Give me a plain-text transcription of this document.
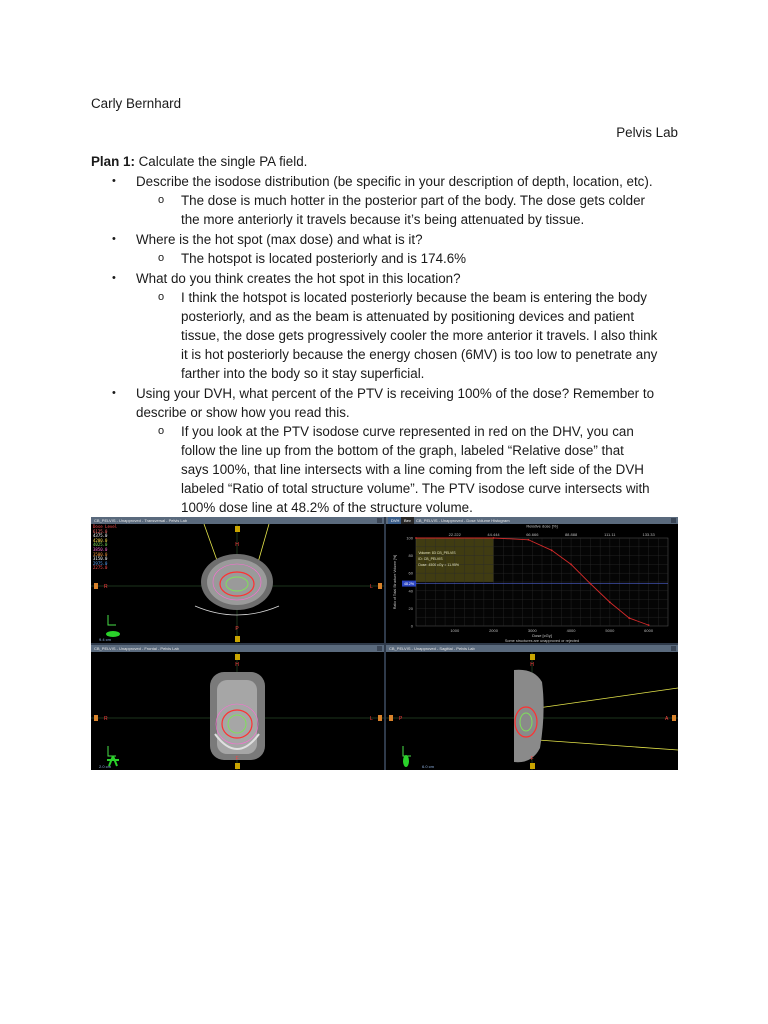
Carly Bernhard
Pelvis Lab
Plan 1: Calculate the single PA field.
• Describe the isodose distribution (be specific in your description of depth, location, etc).
o The dose is much hotter in the posterior part of the body. The dose gets colder
the more anteriorly it travels because it’s being attenuated by tissue.
• Where is the hot spot (max dose) and what is it?
o The hotspot is located posteriorly and is 174.6%
• What do you think creates the hot spot in this location?
o I think the hotspot is located posteriorly because the beam is entering the body
posteriorly, and as the beam is attenuated by positioning devices and patient
tissue, the dose gets progressively cooler the more anterior it travels. I also think
it is hot posteriorly because the energy chosen (6MV) is too low to penetrate any
farther into the body so it stay superficial.
• Using your DVH, what percent of the PTV is receiving 100% of the dose? Remember to
describe or show how you read this.
o If you look at the PTV isodose curve represented in red on the DHV, you can
follow the line up from the bottom of the graph, labeled “Relative dose” that
says 100%, that line intersects with a line coming from the left side of the DVH
labeled “Ratio of total structure volume”. The PTV isodose curve intersects with
100% dose line at 48.2% of the structure volume.
CB_PELVIS - Unapproved - Transversal - Pelvis Lab
Dose Level
6125.0
4375.0
4200.0
4025.0
3850.0
3500.0
3150.0
2975.0
2275.0
H
R	L
P
9.4 cm
CB_PELVIS - Unapproved - Dose Volume Histogram
DVH	Bev
100
80
60
40
20
0
1000	2000	3000	4000	5000	6000
22.222	44.444	66.666	88.888	111.11	133.33
Relative dose [%]
Dose [cGy]
Ratio of Total Structure Volume [%]
Some structures are unapproved or rejected
Volume: 83 CB_PELVIS
ID: CB_PELVIS
Dose: 4500 cGy = 11.95%
48.2%
CB_PELVIS - Unapproved - Frontal - Pelvis Lab
H
R	L
F
2.0 cm
CB_PELVIS - Unapproved - Sagittal - Pelvis Lab
H
P	A
F
6.0 cm
